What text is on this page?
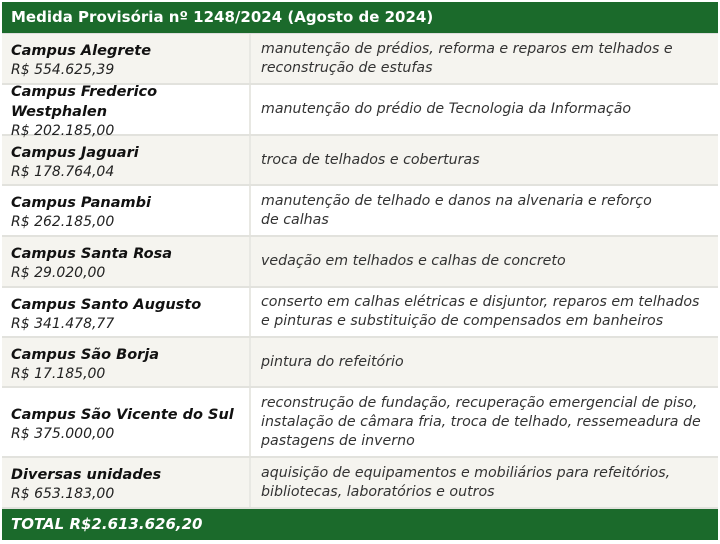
Medida Provisória nº 1248/2024 (Agosto de 2024)
Campus Alegrete
R$ 554.625,39
manutenção de prédios, reforma e reparos em telhados e
reconstrução de estufas
Campus Frederico Westphalen
R$ 202.185,00
manutenção do prédio de Tecnologia da Informação
Campus Jaguari
R$ 178.764,04
troca de telhados e coberturas
Campus Panambi
R$ 262.185,00
manutenção de telhado e danos na alvenaria e reforço
de calhas
Campus Santa Rosa
R$ 29.020,00
vedação em telhados e calhas de concreto
Campus Santo Augusto
R$ 341.478,77
conserto em calhas elétricas e disjuntor, reparos em telhados
e pinturas e substituição de compensados em banheiros
Campus São Borja
R$ 17.185,00
pintura do refeitório
Campus São Vicente do Sul
R$ 375.000,00
reconstrução de fundação, recuperação emergencial de piso,
instalação de câmara fria, troca de telhado, ressemeadura de
pastagens de inverno
Diversas unidades
R$ 653.183,00
aquisição de equipamentos e mobiliários para refeitórios,
bibliotecas, laboratórios e outros
TOTAL R$2.613.626,20
